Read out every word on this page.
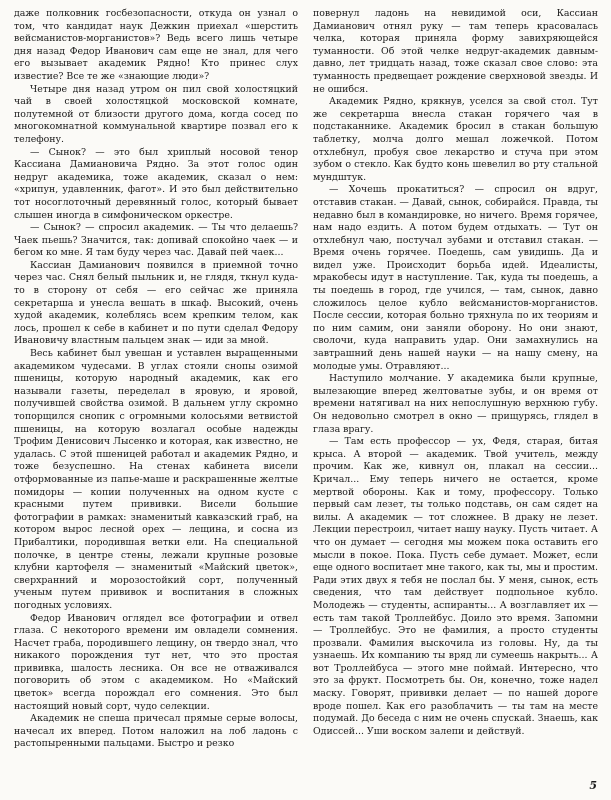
даже полковник госбезопасности, откуда он узнал о том, что кандидат наук Дежкин приехал «шерстить вейсманистов-морганистов»? Ведь всего лишь четыре дня назад Федор Иванович сам еще не знал, для чего его вызывает академик Рядно! Кто принес слух известие? Все те же «знающие люди»?

Четыре дня назад утром он пил свой холостяцкий чай в своей холостяцкой московской комнате, полутемной от близости другого дома, когда сосед по многокомнатной коммунальной квартире позвал его к телефону.

— Сынок? — это был хриплый носовой тенор Кассиана Дамиановича Рядно. За этот голос один недруг академика, тоже академик, сказал о нем: «хрипун, удавленник, фагот». И это был действительно тот носоглоточный деревянный голос, который бывает слышен иногда в симфоническом оркестре.

— Сынок? — спросил академик. — Ты что делаешь? Чаек пьешь? Значится, так: допивай спокойно чаек — и бегом ко мне. Я там буду через час. Давай пей чаек...

Кассиан Дамианович появился в приемной точно через час. Снял белый пыльник и, не глядя, ткнул куда-то в сторону от себя — его сейчас же приняла секретарша и унесла вешать в шкаф. Высокий, очень худой академик, колеблясь всем крепким телом, как лось, прошел к себе в кабинет и по пути сделал Федору Ивановичу властным пальцем знак — иди за мной.

Весь кабинет был увешан и уставлен выращенными академиком чудесами. В углах стояли снопы озимой пшеницы, которую народный академик, как его называли газеты, переделал в яровую, и яровой, получившей свойства озимой. В дальнем углу скромно топорщился снопик с огромными колосьями ветвистой пшеницы, на которую возлагал особые надежды Трофим Денисович Лысенко и которая, как известно, не удалась. С этой пшеницей работал и академик Рядно, и тоже безуспешно. На стенах кабинета висели отформованные из папье-маше и раскрашенные желтые помидоры — копии полученных на одном кусте с красными путем прививки. Висели большие фотографии в рамках: знаменитый кавказский граб, на котором вырос лесной орех — лещина, и сосна из Прибалтики, породившая ветки ели. На специальной полочке, в центре стены, лежали крупные розовые клубни картофеля — знаменитый «Майский цветок», сверхранний и морозостойкий сорт, полученный ученым путем прививок и воспитания в сложных погодных условиях.

Федор Иванович оглядел все фотографии и отвел глаза. С некоторого времени им овладели сомнения. Насчет граба, породившего лещину, он твердо знал, что никакого порождения тут нет, что это простая прививка, шалость лесника. Он все не отваживался поговорить об этом с академиком. Но «Майский цветок» всегда порождал его сомнения. Это был настоящий новый сорт, чудо селекции.

Академик не спеша причесал прямые серые волосы, начесал их вперед. Потом наложил на лоб ладонь с растопыренными пальцами. Быстро и резко

повернул ладонь на невидимой оси, Кассиан Дамианович отнял руку — там теперь красовалась челка, которая приняла форму завихряющейся туманности. Об этой челке недруг-академик давным-давно, лет тридцать назад, тоже сказал свое слово: эта туманность предвещает рождение сверхновой звезды. И не ошибся.

Академик Рядно, крякнув, уселся за свой стол. Тут же секретарша внесла стакан горячего чая в подстаканнике. Академик бросил в стакан большую таблетку, молча долго мешал ложечкой. Потом отхлебнул, пробуя свое лекарство и стуча при этом зубом о стекло. Как будто конь шевелил во рту стальной мундштук.

— Хочешь прокатиться? — спросил он вдруг, отставив стакан. — Давай, сынок, собирайся. Правда, ты недавно был в командировке, но ничего. Время горячее, нам надо ездить. А потом будем отдыхать. — Тут он отхлебнул чаю, постучал зубами и отставил стакан. — Время очень горячее. Поедешь, сам увидишь. Да и видел уже. Происходит борьба идей. Идеалисты, мракобесы идут в наступление. Так, куда ты поедешь, а ты поедешь в город, где учился, — там, сынок, давно сложилось целое кубло вейсманистов-морганистов. После сессии, которая больно тряхнула по их теориям и по ним самим, они заняли оборону. Но они знают, сволочи, куда направить удар. Они замахнулись на завтрашний день нашей науки — на нашу смену, на молодые умы. Отравляют...

Наступило молчание. У академика были крупные, вылезающие вперед желтоватые зубы, и он время от времени натягивал на них непослушную верхнюю губу. Он недовольно смотрел в окно — прищурясь, глядел в глаза врагу.

— Там есть профессор — ух, Федя, старая, битая крыса. А второй — академик. Твой учитель, между прочим. Как же, кивнул он, плакал на сессии... Кричал... Ему теперь ничего не остается, кроме мертвой обороны. Как и тому, профессору. Только первый сам лезет, ты только подставь, он сам сядет на вилы. А академик — тот сложнее. В драку не лезет. Лекции перестроил, читает нашу науку. Пусть читает. А что он думает — сегодня мы можем пока оставить его мысли в покое. Пока. Пусть себе думает. Может, если еще одного воспитает мне такого, как ты, мы и простим. Ради этих двух я тебя не послал бы. У меня, сынок, есть сведения, что там действует подпольное кубло. Молодежь — студенты, аспиранты... А возглавляет их — есть там такой Троллейбус. Доило это время. Запомни — Троллейбус. Это не фамилия, а просто студенты прозвали. Фамилия выскочила из головы. Ну, да ты узнаешь. Их компанию ты вряд ли сумеешь накрыть... А вот Троллейбуса — этого мне поймай. Интересно, что это за фрукт. Посмотреть бы. Он, конечно, тоже надел маску. Говорят, прививки делает — по нашей дороге вроде пошел. Как его разоблачить — ты там на месте подумай. До беседа с ним не очень спускай. Знаешь, как Одиссей... Уши воском залепи и действуй.

5
